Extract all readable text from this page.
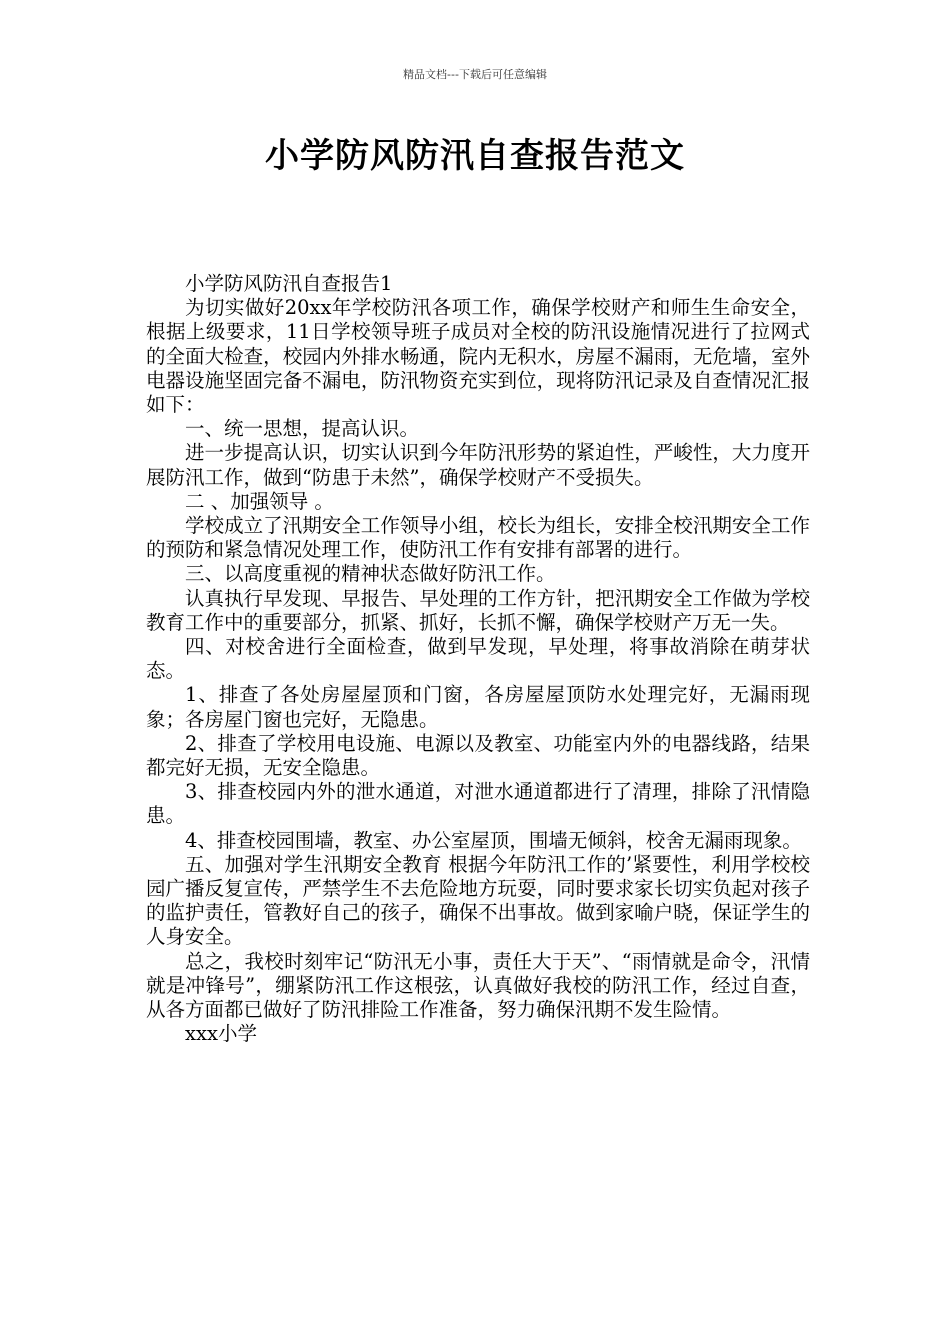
精品文档---下载后可任意编辑
小学防风防汛自查报告范文

小学防风防汛自查报告1

为切实做好20xx年学校防汛各项工作，确保学校财产和师生生命安全，根据上级要求，11日学校领导班子成员对全校的防汛设施情况进行了拉网式的全面大检查，校园内外排水畅通，院内无积水，房屋不漏雨，无危墙，室外电器设施坚固完备不漏电，防汛物资充实到位，现将防汛记录及自查情况汇报如下：

一、统一思想，提高认识。

进一步提高认识，切实认识到今年防汛形势的紧迫性，严峻性，大力度开展防汛工作，做到“防患于未然”，确保学校财产不受损失。

二 、加强领导 。

学校成立了汛期安全工作领导小组，校长为组长，安排全校汛期安全工作的预防和紧急情况处理工作，使防汛工作有安排有部署的进行。

三、以高度重视的精神状态做好防汛工作。

认真执行早发现、早报告、早处理的工作方针，把汛期安全工作做为学校教育工作中的重要部分，抓紧、抓好，长抓不懈，确保学校财产万无一失。

四、对校舍进行全面检查，做到早发现，早处理，将事故消除在萌芽状态。

1、排查了各处房屋屋顶和门窗，各房屋屋顶防水处理完好，无漏雨现象；各房屋门窗也完好，无隐患。

2、排查了学校用电设施、电源以及教室、功能室内外的电器线路，结果都完好无损，无安全隐患。

3、排查校园内外的泄水通道，对泄水通道都进行了清理，排除了汛情隐患。

4、排查校园围墙，教室、办公室屋顶，围墙无倾斜，校舍无漏雨现象。

五、加强对学生汛期安全教育 根据今年防汛工作的’紧要性，利用学校校园广播反复宣传，严禁学生不去危险地方玩耍，同时要求家长切实负起对孩子的监护责任，管教好自己的孩子，确保不出事故。做到家喻户晓，保证学生的人身安全。

总之，我校时刻牢记“防汛无小事，责任大于天”、“雨情就是命令，汛情就是冲锋号”，绷紧防汛工作这根弦，认真做好我校的防汛工作，经过自查，从各方面都已做好了防汛排险工作准备，努力确保汛期不发生险情。

xxx小学
